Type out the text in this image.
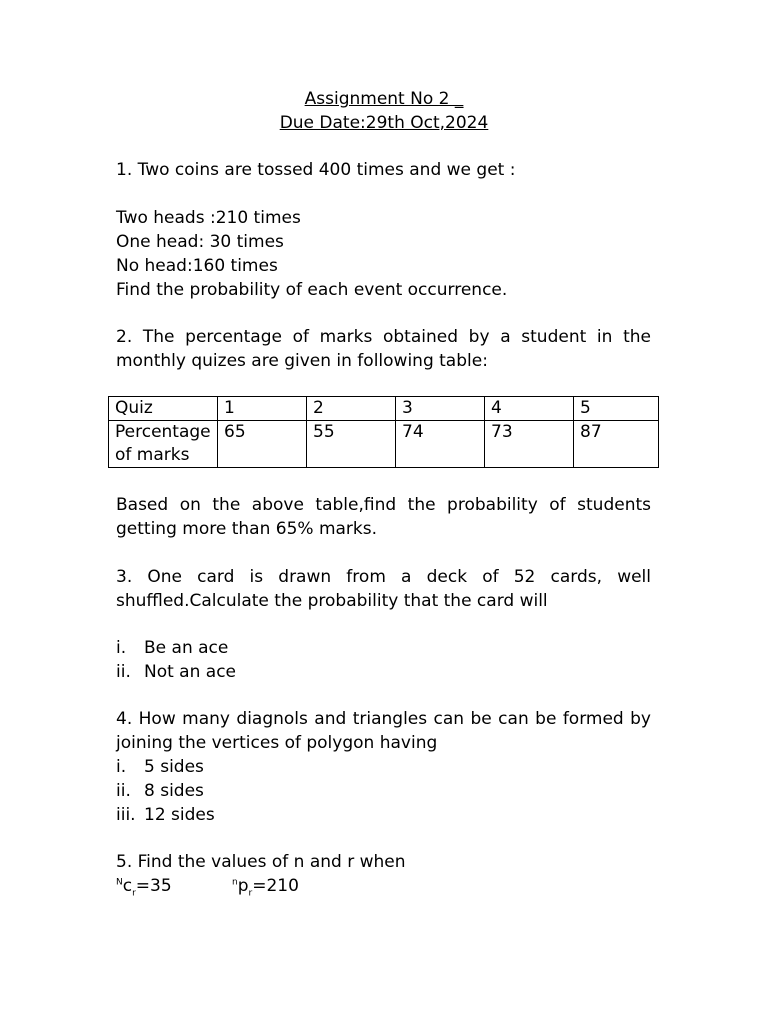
Assignment No 2 _
Due Date:29th Oct,2024

1. Two coins are tossed 400 times and we get :

Two heads :210 times

One head: 30 times

No head:160 times

Find the probability of each event occurrence.

2. The percentage of marks obtained by a student in the monthly quizes are given in following table:

Quiz	1	2	3	4	5
Percentage of marks	65	55	74	73	87

Based on the above table,find the probability of students getting more than 65% marks.

3. One card is drawn from a deck of 52 cards, well shuffled.Calculate the probability that the card will

i.	Be an ace
ii. Not an ace

4. How many diagnols and triangles can be can be formed by joining the vertices of polygon having

i.	5 sides
ii. 8 sides
iii. 12 sides

5. Find the values of n and r when

$^Nc_r=35$	$^np_r=210$
